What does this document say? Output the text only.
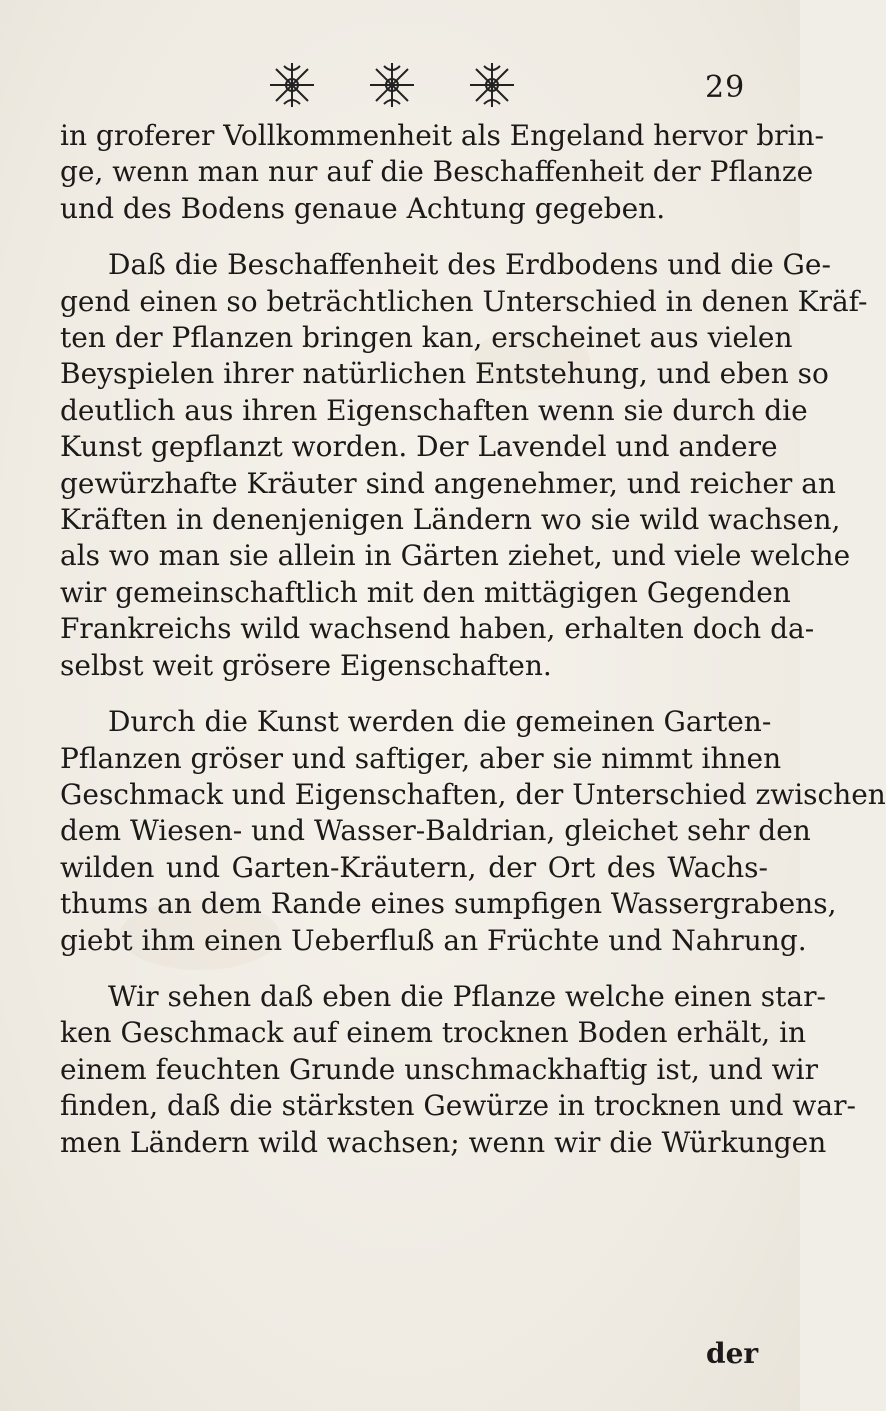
29
in groferer Vollkommenheit als Engeland hervor brin-
ge, wenn man nur auf die Beschaffenheit der Pflanze
und des Bodens genaue Achtung gegeben.
Daß die Beschaffenheit des Erdbodens und die Ge-
gend einen so beträchtlichen Unterschied in denen Kräf-
ten der Pflanzen bringen kan, erscheinet aus vielen
Beyspielen ihrer natürlichen Entstehung, und eben so
deutlich aus ihren Eigenschaften wenn sie durch die
Kunst gepflanzt worden. Der Lavendel und andere
gewürzhafte Kräuter sind angenehmer, und reicher an
Kräften in denenjenigen Ländern wo sie wild wachsen,
als wo man sie allein in Gärten ziehet, und viele welche
wir gemeinschaftlich mit den mittägigen Gegenden
Frankreichs wild wachsend haben, erhalten doch da-
selbst weit grösere Eigenschaften.
Durch die Kunst werden die gemeinen Garten-
Pflanzen gröser und saftiger, aber sie nimmt ihnen
Geschmack und Eigenschaften, der Unterschied zwischen
dem Wiesen- und Wasser-Baldrian, gleichet sehr den
wilden und Garten-Kräutern, der Ort des Wachs-
thums an dem Rande eines sumpfigen Wassergrabens,
giebt ihm einen Ueberfluß an Früchte und Nahrung.
Wir sehen daß eben die Pflanze welche einen star-
ken Geschmack auf einem trocknen Boden erhält, in
einem feuchten Grunde unschmackhaftig ist, und wir
finden, daß die stärksten Gewürze in trocknen und war-
men Ländern wild wachsen; wenn wir die Würkungen
der
